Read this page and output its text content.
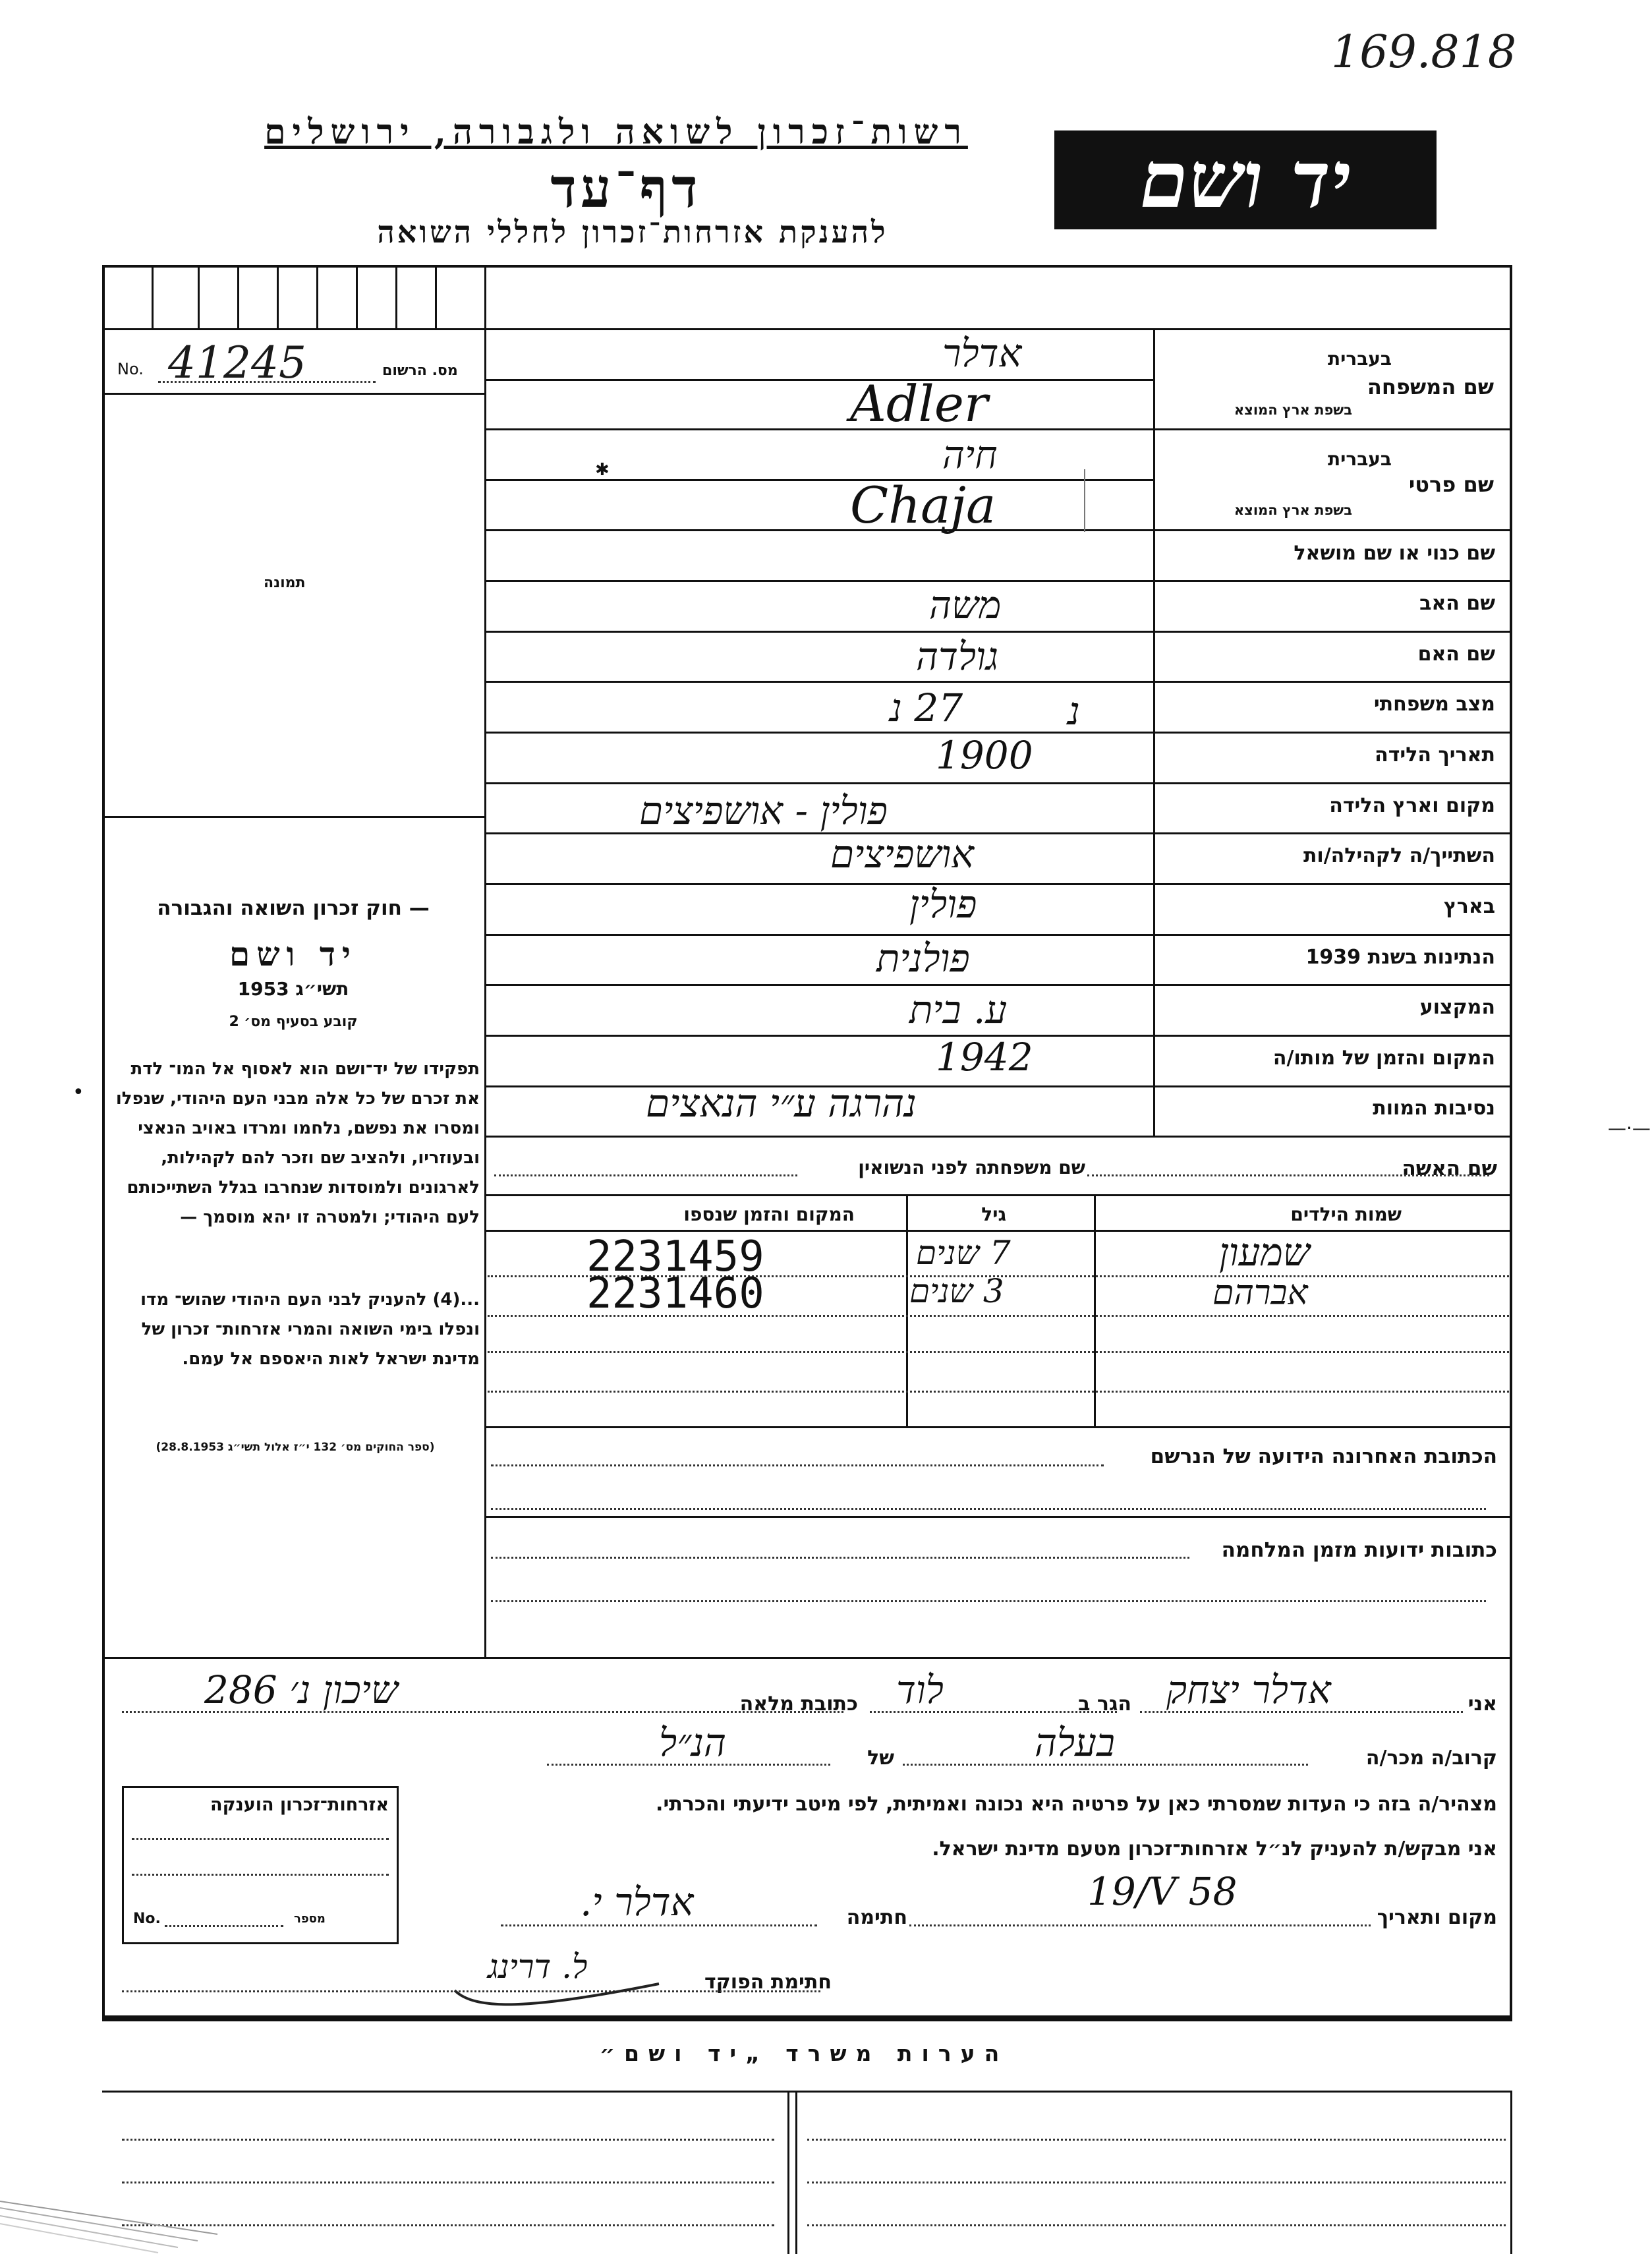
169.818
רשות־זכרון לשואה ולגבורה, ירושלים
דף־עד
להענקת אזרחות־זכרון לחללי השואה
יד ושם
No. 41245	מס. הרשום
תמונה
— חוק זכרון השואה והגבורה
יד ושם
תשי״ג 1953
קובע בסעיף מס׳ 2
תפקידו של יד־ושם הוא לאסוף אל המו־ לדת את זכרם של כל אלה מבני העם היהודי, שנפלו ומסרו את נפשם, נלחמו ומרדו באויב הנאצי ובעוזריו, ולהציב שם וזכר להם לקהילות, לארגונים ולמוסדות שנחרבו בגלל השתייכותם לעם היהודי; ולמטרה זו יהא מוסמך —
...(4) להעניק לבני העם היהודי שהוש־ מדו ונפלו בימי השואה והמרי אזרחות־ זכרון של מדינת ישראל לאות היאספם אל עמם.
(ספר החוקים מס׳ 132 י״ז אלול תשי״ג 28.8.1953)
•
—·—
בעברית
שם המשפחה
בשפת ארץ המוצא
אדלר
Adler
בעברית
שם פרטי
בשפת ארץ המוצא
חיה
Chaja
✱
שם כנוי או שם מושאל
שם האב
משה
שם האם
גולדה
מצב משפחתי
נ
תאריך הלידה
27 נ
1900
מקום וארץ הלידה
פולין - אושפיצים
השתייך/ה לקהילה/ות
אושפיצים
בארץ
פולין
הנתינות בשנת 1939
פולנית
המקצוע
ע. בית
המקום והזמן של מותו/ה
1942
נסיבות המוות
נהרגה ע״י הנאצים
שם האשה
שם משפחתה לפני הנשואין
שמות הילדים
גיל
המקום והזמן שנספו
שמעון
7 שנים
2231459
אברהם
3 שנים
2231460
הכתובת האחרונה הידועה של הנרשם
כתובות ידועות מזמן המלחמה
אני
אדלר יצחק
הגר ב
לוד
כתובת מלאה
שיכון נ׳ 286
קרוב/ה מכר/ה
בעלה
של
הנ״ל
מצהיר/ה בזה כי העדות שמסרתי כאן על פרטיה היא נכונה ואמיתית, לפי מיטב ידיעתי והכרתי.
אני מבקש/ת להעניק לנ״ל אזרחות־זכרון מטעם מדינת ישראל.
מקום ותאריך
19/V 58
חתימה
אדלר י.
חתימת הפוקד
ל. דרינג
אזרחות־זכרון הוענקה
No.	מספר
הערות משרד „יד ושם״
